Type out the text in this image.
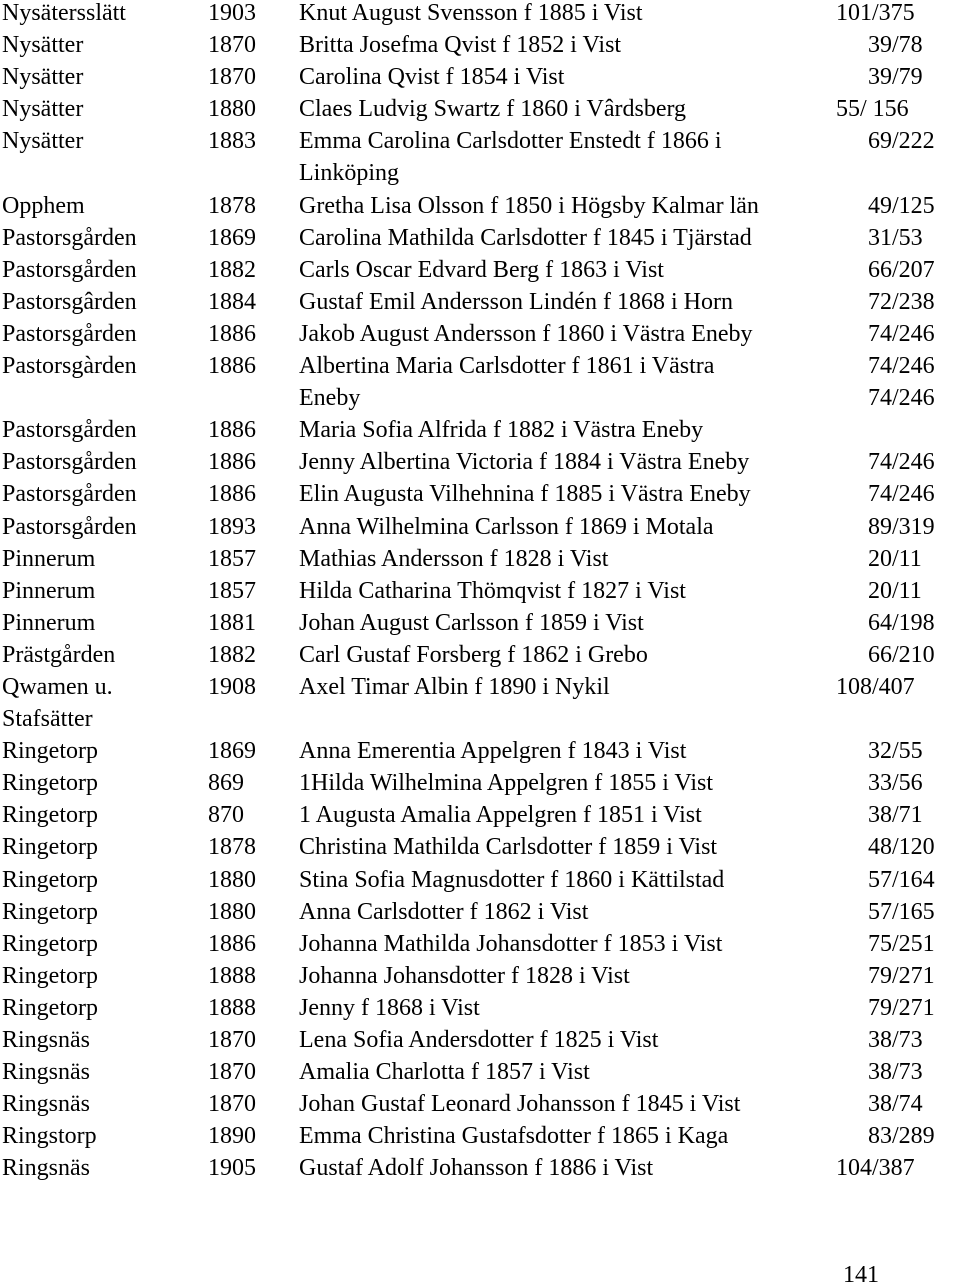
Nysätersslätt	1903 Knut August Svensson f 1885 i Vist	101/375
Nysätter	1870 Britta Josefma Qvist f 1852 i Vist	39/78
Nysätter	1870 Carolina Qvist f 1854 i Vist	39/79
Nysätter	1880 Claes Ludvig Swartz f 1860 i Vârdsberg	55/ 156
Nysätter	1883 Emma Carolina Carlsdotter Enstedt f 1866 i	69/222
Linköping
Opphem	1878 Gretha Lisa Olsson f 1850 i Högsby Kalmar län	49/125
Pastorsgården	1869 Carolina Mathilda Carlsdotter f 1845 i Tjärstad	31/53
Pastorsgården	1882 Carls Oscar Edvard Berg f 1863 i Vist	66/207
Pastorsgârden	1884 Gustaf Emil Andersson Lindén f 1868 i Horn	72/238
Pastorsgården	1886 Jakob August Andersson f 1860 i Västra Eneby	74/246
Pastorsgàrden	1886 Albertina Maria Carlsdotter f 1861 i Västra	74/246
Eneby	74/246
Pastorsgården	1886 Maria Sofia Alfrida f 1882 i Västra Eneby
Pastorsgården	1886 Jenny Albertina Victoria f 1884 i Västra Eneby	74/246
Pastorsgården	1886 Elin Augusta Vilhehnina f 1885 i Västra Eneby	74/246
Pastorsgården	1893 Anna Wilhelmina Carlsson f 1869 i Motala	89/319
Pinnerum	1857 Mathias Andersson f 1828 i Vist	20/11
Pinnerum	1857 Hilda Catharina Thömqvist f 1827 i Vist	20/11
Pinnerum	1881 Johan August Carlsson f 1859 i Vist	64/198
Prästgården	1882 Carl Gustaf Forsberg f 1862 i Grebo	66/210
Qwamen u.	1908 Axel Timar Albin f 1890 i Nykil	108/407
Stafsätter
Ringetorp	1869 Anna Emerentia Appelgren f 1843 i Vist	32/55
Ringetorp	869 1Hilda Wilhelmina Appelgren f 1855 i Vist	33/56
Ringetorp	870 1 Augusta Amalia Appelgren f 1851 i Vist	38/71
Ringetorp	1878 Christina Mathilda Carlsdotter f 1859 i Vist	48/120
Ringetorp	1880 Stina Sofia Magnusdotter f 1860 i Kättilstad	57/164
Ringetorp	1880 Anna Carlsdotter f 1862 i Vist	57/165
Ringetorp	1886 Johanna Mathilda Johansdotter f 1853 i Vist	75/251
Ringetorp	1888 Johanna Johansdotter f 1828 i Vist	79/271
Ringetorp	1888 Jenny f 1868 i Vist	79/271
Ringsnäs	1870 Lena Sofia Andersdotter f 1825 i Vist	38/73
Ringsnäs	1870 Amalia Charlotta f 1857 i Vist	38/73
Ringsnäs	1870 Johan Gustaf Leonard Johansson f 1845 i Vist	38/74
Ringstorp	1890 Emma Christina Gustafsdotter f 1865 i Kaga	83/289
Ringsnäs	1905 Gustaf Adolf Johansson f 1886 i Vist	104/387
141
